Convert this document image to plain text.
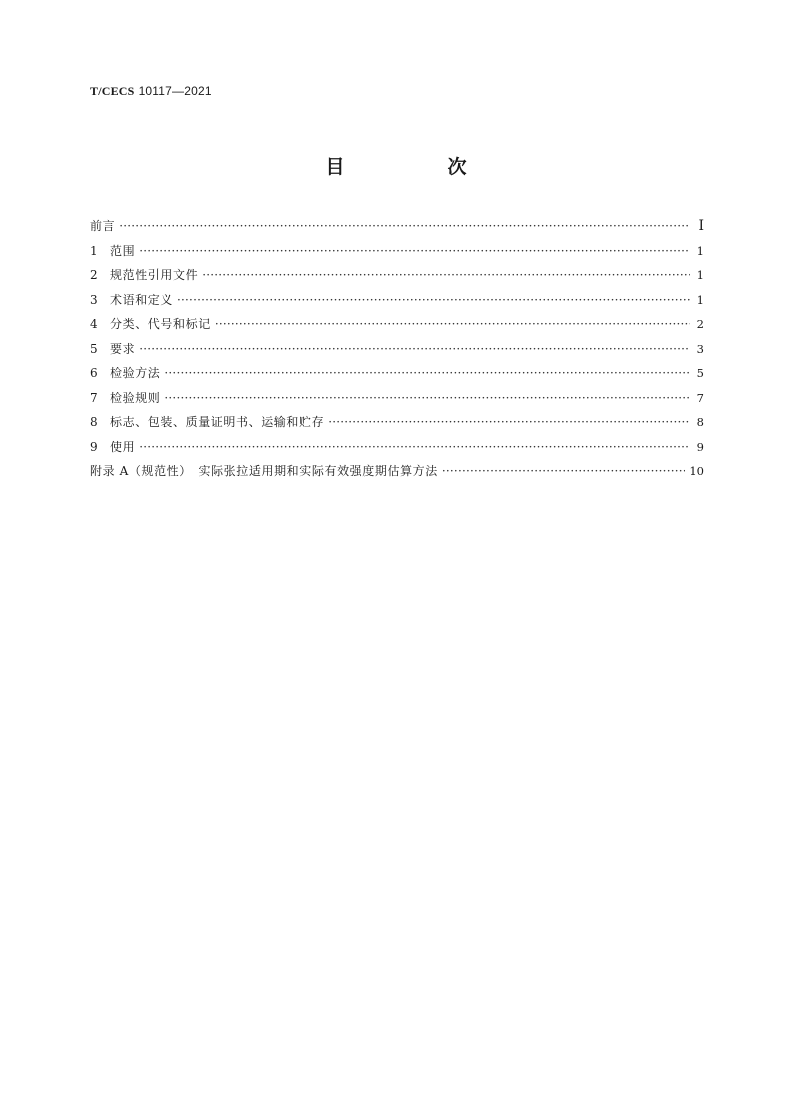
T/CECS 10117—2021
目　次
前言 ·····	I
1	范围 ·····	1
2	规范性引用文件 ·····	1
3	术语和定义 ·····	1
4	分类、代号和标记 ·····	2
5	要求 ·····	3
6	检验方法 ·····	5
7	检验规则 ·····	7
8	标志、包装、质量证明书、运输和贮存 ·····	8
9	使用 ·····	9
附录 A（规范性）　实际张拉适用期和实际有效强度期估算方法 ·····	10
